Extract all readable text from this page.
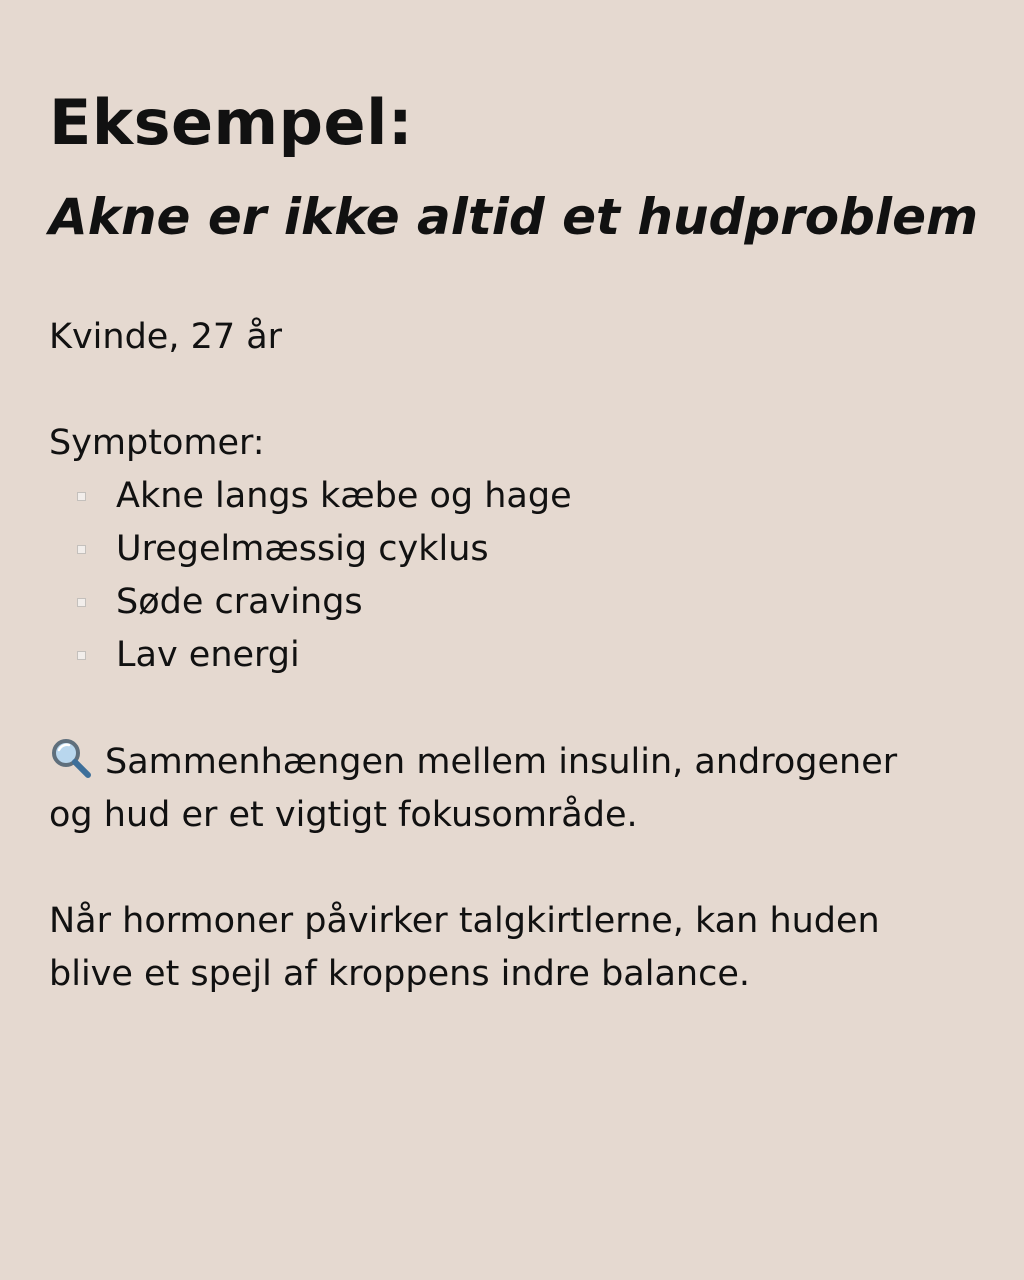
Eksempel:
Akne er ikke altid et hudproblem

Kvinde, 27 år

Symptomer:

Akne langs kæbe og hage
Uregelmæssig cyklus
Søde cravings
Lav energi

Sammenhængen mellem insulin, androgener
og hud er et vigtigt fokusområde.

Når hormoner påvirker talgkirtlerne, kan huden
blive et spejl af kroppens indre balance.
